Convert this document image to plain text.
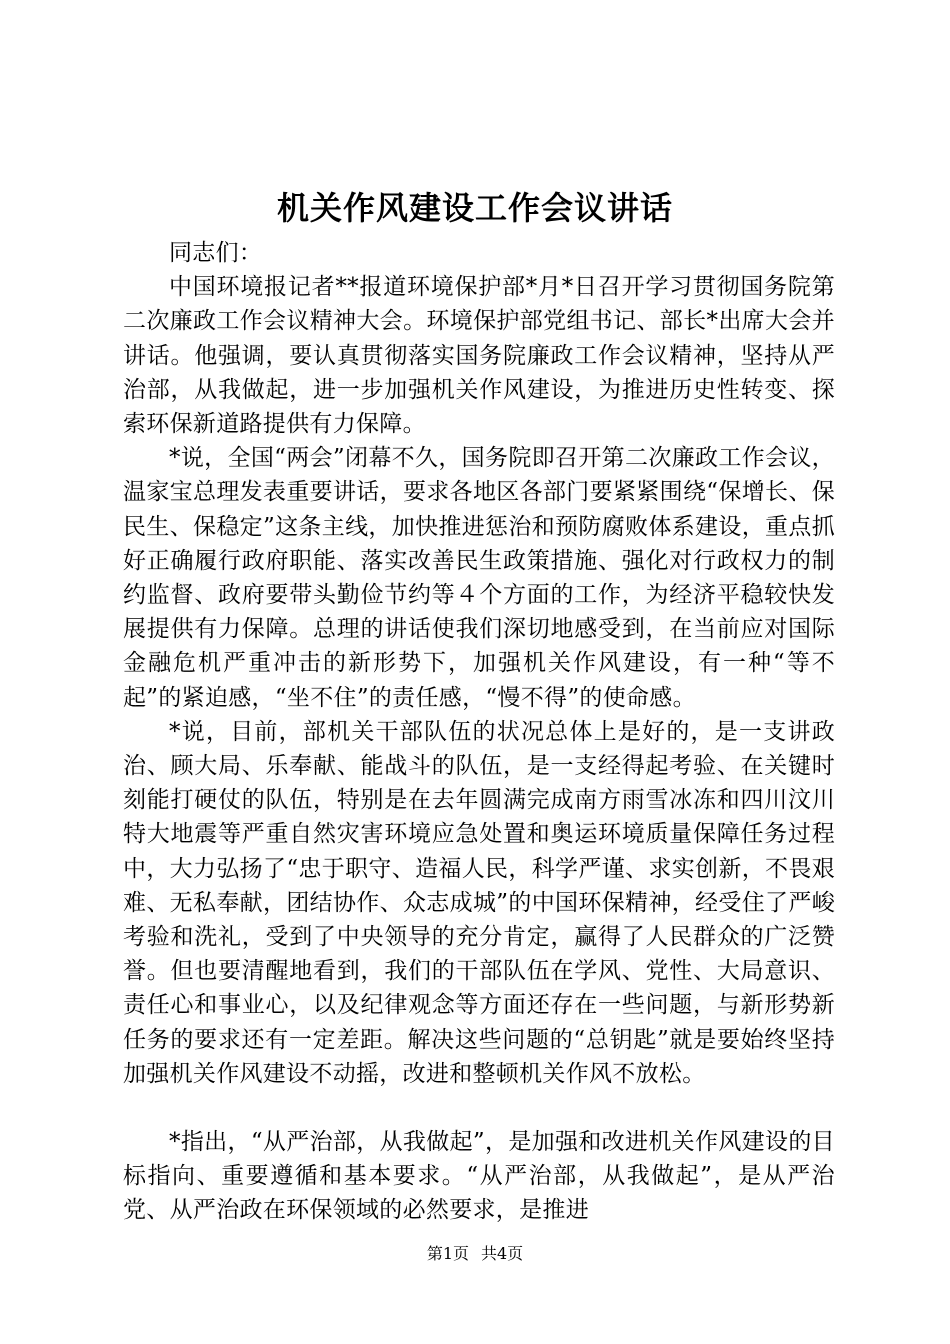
机关作风建设工作会议讲话

同志们：

中国环境报记者**报道环境保护部*月*日召开学习贯彻国务院第二次廉政工作会议精神大会。环境保护部党组书记、部长*出席大会并讲话。他强调，要认真贯彻落实国务院廉政工作会议精神，坚持从严治部，从我做起，进一步加强机关作风建设，为推进历史性转变、探索环保新道路提供有力保障。

*说，全国“两会”闭幕不久，国务院即召开第二次廉政工作会议，温家宝总理发表重要讲话，要求各地区各部门要紧紧围绕“保增长、保民生、保稳定”这条主线，加快推进惩治和预防腐败体系建设，重点抓好正确履行政府职能、落实改善民生政策措施、强化对行政权力的制约监督、政府要带头勤俭节约等４个方面的工作，为经济平稳较快发展提供有力保障。总理的讲话使我们深切地感受到，在当前应对国际金融危机严重冲击的新形势下，加强机关作风建设，有一种“等不起”的紧迫感，“坐不住”的责任感，“慢不得”的使命感。

*说，目前，部机关干部队伍的状况总体上是好的，是一支讲政治、顾大局、乐奉献、能战斗的队伍，是一支经得起考验、在关键时刻能打硬仗的队伍，特别是在去年圆满完成南方雨雪冰冻和四川汶川特大地震等严重自然灾害环境应急处置和奥运环境质量保障任务过程中，大力弘扬了“忠于职守、造福人民，科学严谨、求实创新，不畏艰难、无私奉献，团结协作、众志成城”的中国环保精神，经受住了严峻考验和洗礼，受到了中央领导的充分肯定，赢得了人民群众的广泛赞誉。但也要清醒地看到，我们的干部队伍在学风、党性、大局意识、责任心和事业心，以及纪律观念等方面还存在一些问题，与新形势新任务的要求还有一定差距。解决这些问题的“总钥匙”就是要始终坚持加强机关作风建设不动摇，改进和整顿机关作风不放松。

*指出，“从严治部，从我做起”，是加强和改进机关作风建设的目标指向、重要遵循和基本要求。“从严治部，从我做起”，是从严治党、从严治政在环保领域的必然要求，是推进

第1页 共4页
